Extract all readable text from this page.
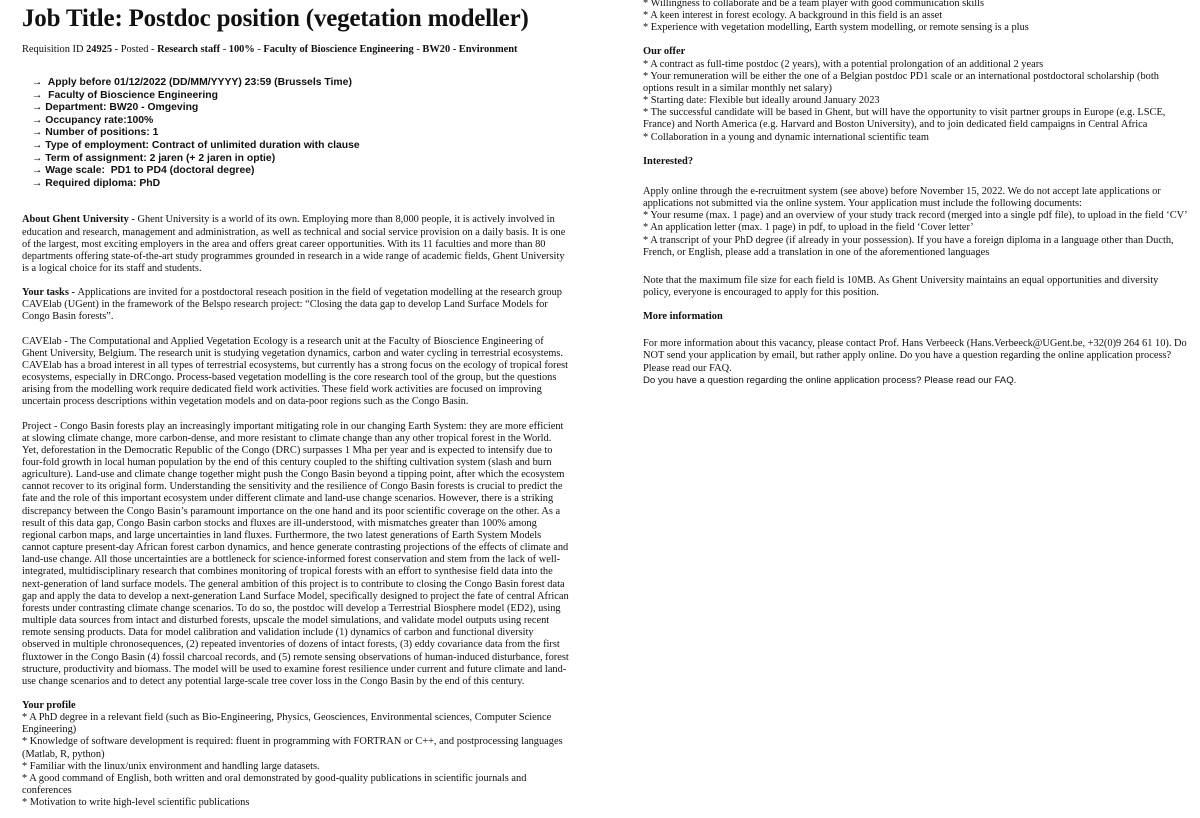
Job Title: Postdoc position (vegetation modeller)
Requisition ID 24925 - Posted - Research staff - 100% - Faculty of Bioscience Engineering - BW20 - Environment
→  Apply before 01/12/2022 (DD/MM/YYYY) 23:59 (Brussels Time)
→  Faculty of Bioscience Engineering
→ Department: BW20 - Omgeving
→ Occupancy rate:100%
→ Number of positions: 1
→ Type of employment: Contract of unlimited duration with clause
→ Term of assignment: 2 jaren (+ 2 jaren in optie)
→ Wage scale:  PD1 to PD4 (doctoral degree)
→ Required diploma: PhD

About Ghent University - Ghent University is a world of its own. Employing more than 8,000 people, it is actively involved in education and research, management and administration, as well as technical and social service provision on a daily basis. It is one of the largest, most exciting employers in the area and offers great career opportunities. With its 11 faculties and more than 80 departments offering state-of-the-art study programmes grounded in research in a wide range of academic fields, Ghent University is a logical choice for its staff and students.

Your tasks - Applications are invited for a postdoctoral reseach position in the field of vegetation modelling at the research group CAVElab (UGent) in the framework of the Belspo research project: “Closing the data gap to develop Land Surface Models for Congo Basin forests”.

CAVElab - The Computational and Applied Vegetation Ecology is a research unit at the Faculty of Bioscience Engineering of Ghent University, Belgium. The research unit is studying vegetation dynamics, carbon and water cycling in terrestrial ecosystems. CAVElab has a broad interest in all types of terrestrial ecosystems, but currently has a strong focus on the ecology of tropical forest ecosystems, especially in DRCongo. Process-based vegetation modelling is the core research tool of the group, but the questions arising from the modelling work require dedicated field work activities. These field work activities are focused on improving uncertain process descriptions within vegetation models and on data-poor regions such as the Congo Basin.

Project - Congo Basin forests play an increasingly important mitigating role in our changing Earth System: they are more efficient at slowing climate change, more carbon-dense, and more resistant to climate change than any other tropical forest in the World. Yet, deforestation in the Democratic Republic of the Congo (DRC) surpasses 1 Mha per year and is expected to intensify due to four-fold growth in local human population by the end of this century coupled to the shifting cultivation system (slash and burn agriculture). Land-use and climate change together might push the Congo Basin beyond a tipping point, after which the ecosystem cannot recover to its original form. Understanding the sensitivity and the resilience of Congo Basin forests is crucial to predict the fate and the role of this important ecosystem under different climate and land-use change scenarios. However, there is a striking discrepancy between the Congo Basin’s paramount importance on the one hand and its poor scientific coverage on the other. As a result of this data gap, Congo Basin carbon stocks and fluxes are ill-understood, with mismatches greater than 100% among regional carbon maps, and large uncertainties in land fluxes. Furthermore, the two latest generations of Earth System Models cannot capture present-day African forest carbon dynamics, and hence generate contrasting projections of the effects of climate and land-use change. All those uncertainties are a bottleneck for science-informed forest conservation and stem from the lack of well-integrated, multidisciplinary research that combines monitoring of tropical forests with an effort to synthesise field data into the next-generation of land surface models. The general ambition of this project is to contribute to closing the Congo Basin forest data gap and apply the data to develop a next-generation Land Surface Model, specifically designed to project the fate of central African forests under contrasting climate change scenarios. To do so, the postdoc will develop a Terrestrial Biosphere model (ED2), using multiple data sources from intact and disturbed forests, upscale the model simulations, and validate model outputs using recent remote sensing products. Data for model calibration and validation include (1) dynamics of carbon and functional diversity observed in multiple chronosequences, (2) repeated inventories of dozens of intact forests, (3) eddy covariance data from the first fluxtower in the Congo Basin (4) fossil charcoal records, and (5) remote sensing observations of human-induced disturbance, forest structure, productivity and biomass. The model will be used to examine forest resilience under current and future climate and land-use change scenarios and to detect any potential large-scale tree cover loss in the Congo Basin by the end of this century.

Your profile

* A PhD degree in a relevant field (such as Bio-Engineering, Physics, Geosciences, Environmental sciences, Computer Science Engineering)

* Knowledge of software development is required: fluent in programming with FORTRAN or C++, and postprocessing languages (Matlab, R, python)

* Familiar with the linux/unix environment and handling large datasets.

* A good command of English, both written and oral demonstrated by good-quality publications in scientific journals and conferences

* Motivation to write high-level scientific publications

* Willingness to collaborate and be a team player with good communication skills

* A keen interest in forest ecology. A background in this field is an asset

* Experience with vegetation modelling, Earth system modelling, or remote sensing is a plus

Our offer

* A contract as full-time postdoc (2 years), with a potential prolongation of an additional 2 years

* Your remuneration will be either the one of a Belgian postdoc PD1 scale or an international postdoctoral scholarship (both options result in a similar monthly net salary)

* Starting date: Flexible but ideally around January 2023

* The successful candidate will be based in Ghent, but will have the opportunity to visit partner groups in Europe (e.g. LSCE, France) and North America (e.g. Harvard and Boston University), and to join dedicated field campaigns in Central Africa

* Collaboration in a young and dynamic international scientific team

Interested?

Apply online through the e-recruitment system (see above) before November 15, 2022. We do not accept late applications or applications not submitted via the online system. Your application must include the following documents:

* Your resume (max. 1 page) and an overview of your study track record (merged into a single pdf file), to upload in the field ‘CV’

* An application letter (max. 1 page) in pdf, to upload in the field ‘Cover letter’

* A transcript of your PhD degree (if already in your possession). If you have a foreign diploma in a language other than Ducth, French, or English, please add a translation in one of the aforementioned languages

Note that the maximum file size for each field is 10MB. As Ghent University maintains an equal opportunities and diversity policy, everyone is encouraged to apply for this position.

More information

For more information about this vacancy, please contact Prof. Hans Verbeeck (Hans.Verbeeck@UGent.be, +32(0)9 264 61 10). Do NOT send your application by email, but rather apply online. Do you have a question regarding the online application process? Please read our FAQ.

Do you have a question regarding the online application process? Please read our FAQ.
